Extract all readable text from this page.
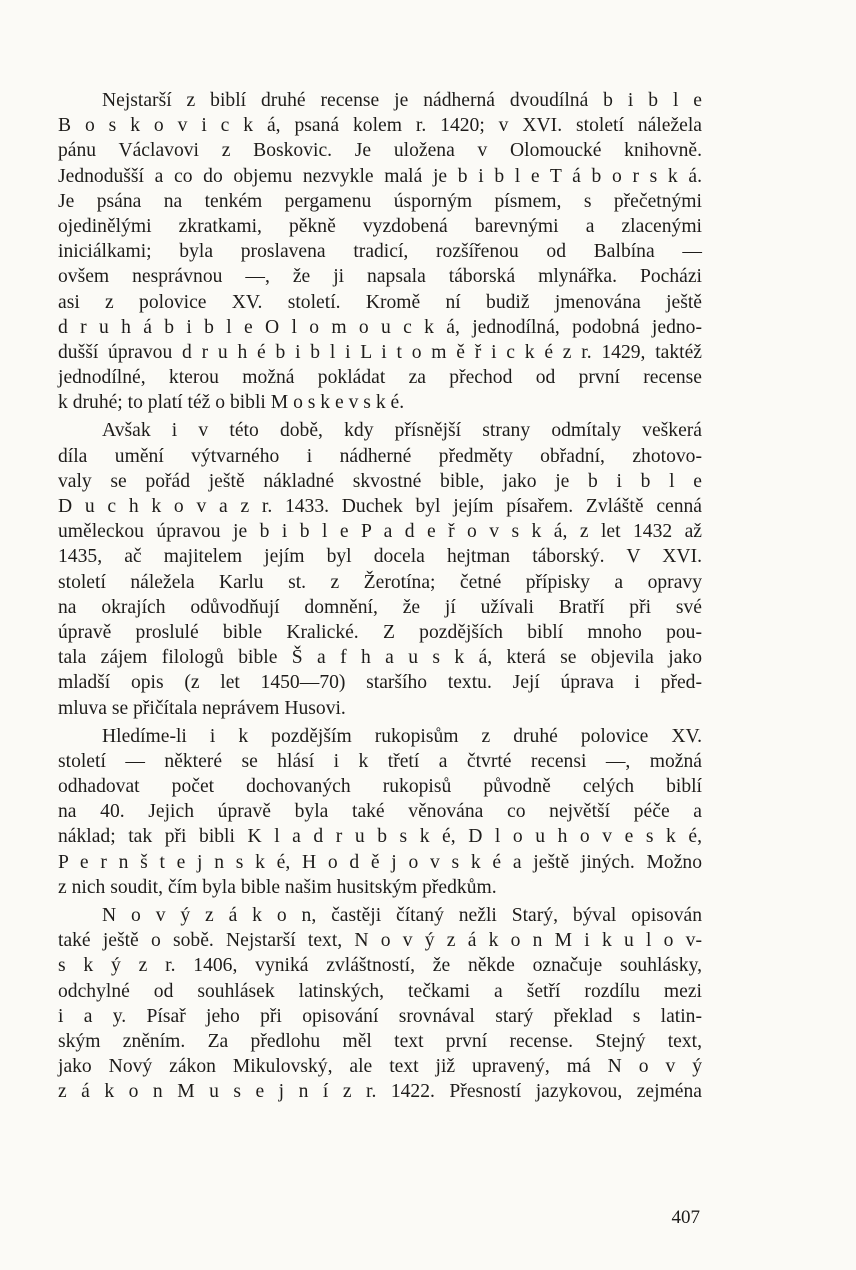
Nejstarší z biblí druhé recense je nádherná dvoudílná b i b l e
B o s k o v i c k á, psaná kolem r. 1420; v XVI. století náležela
pánu Václavovi z Boskovic. Je uložena v Olomoucké knihovně.
Jednodušší a co do objemu nezvykle malá je b i b l e T á b o r s k á.
Je psána na tenkém pergamenu úsporným písmem, s přečetnými
ojedinělými zkratkami, pěkně vyzdobená barevnými a zlacenými
iniciálkami; byla proslavena tradicí, rozšířenou od Balbína —
ovšem nesprávnou —, že ji napsala táborská mlynářka. Pocházi
asi z polovice XV. století. Kromě ní budiž jmenována ještě
d r u h á b i b l e O l o m o u c k á, jednodílná, podobná jedno-
dušší úpravou d r u h é b i b l i L i t o m ě ř i c k é z r. 1429, taktéž
jednodílné, kterou možná pokládat za přechod od první recense
k druhé; to platí též o bibli M o s k e v s k é.
Avšak i v této době, kdy přísnější strany odmítaly veškerá
díla umění výtvarného i nádherné předměty obřadní, zhotovo-
valy se pořád ještě nákladné skvostné bible, jako je b i b l e
D u c h k o v a z r. 1433. Duchek byl jejím písařem. Zvláště cenná
uměleckou úpravou je b i b l e P a d e ř o v s k á, z let 1432 až
1435, ač majitelem jejím byl docela hejtman táborský. V XVI.
století náležela Karlu st. z Žerotína; četné přípisky a opravy
na okrajích odůvodňují domnění, že jí užívali Bratří při své
úpravě proslulé bible Kralické. Z pozdějších biblí mnoho pou-
tala zájem filologů bible Š a f h a u s k á, která se objevila jako
mladší opis (z let 1450—70) staršího textu. Její úprava i před-
mluva se přičítala neprávem Husovi.
Hledíme-li i k pozdějším rukopisům z druhé polovice XV.
století — některé se hlásí i k třetí a čtvrté recensi —, možná
odhadovat počet dochovaných rukopisů původně celých biblí
na 40. Jejich úpravě byla také věnována co největší péče a
náklad; tak při bibli K l a d r u b s k é, D l o u h o v e s k é,
P e r n š t e j n s k é, H o d ě j o v s k é a ještě jiných. Možno
z nich soudit, čím byla bible našim husitským předkům.
N o v ý z á k o n, častěji čítaný nežli Starý, býval opisován
také ještě o sobě. Nejstarší text, N o v ý z á k o n M i k u l o v-
s k ý z r. 1406, vyniká zvláštností, že někde označuje souhlásky,
odchylné od souhlásek latinských, tečkami a šetří rozdílu mezi
i a y. Písař jeho při opisování srovnával starý překlad s latin-
ským zněním. Za předlohu měl text první recense. Stejný text,
jako Nový zákon Mikulovský, ale text již upravený, má N o v ý
z á k o n M u s e j n í z r. 1422. Přesností jazykovou, zejména
407
